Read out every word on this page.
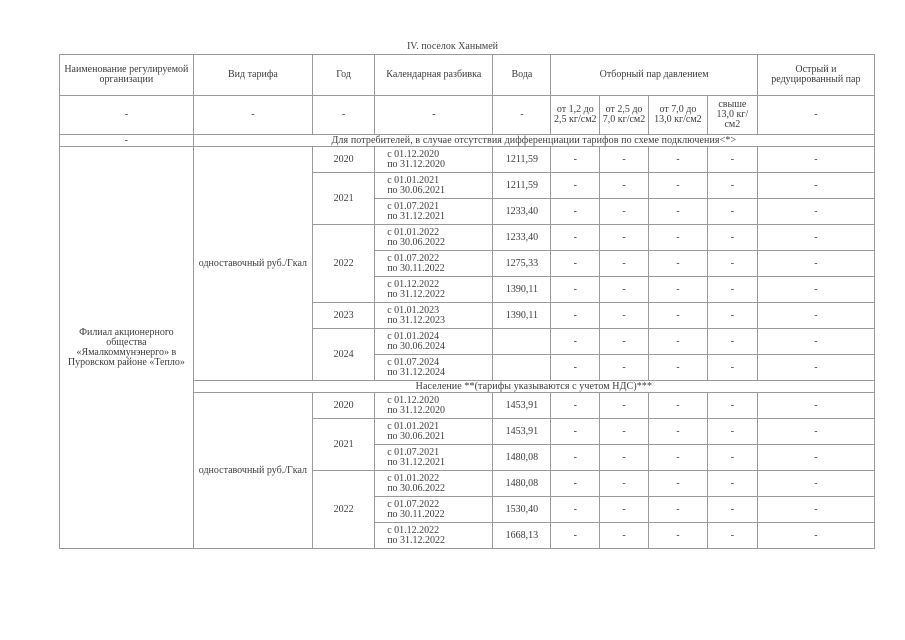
IV. поселок Ханымей
Наименование регулируемой организации	Вид тарифа	Год	Календарная разбивка	Вода	Отборный пар давлением				Острый и редуцированный пар
-	-	-	-	-	от 1,2 до 2,5 кг/см2	от 2,5 до 7,0 кг/см2	от 7,0 до 13,0 кг/см2	свыше 13,0 кг/см2	-
-	Для потребителей, в случае отсутствия дифференциации тарифов по схеме подключения<*>								
Филиал акционерного общества «Ямалкоммунэнерго» в Пуровском районе «Тепло»	одноставочный руб./Гкал	2020	с 01.12.2020
по 31.12.2020	1211,59	-	-	-	-	-
		2021	с 01.01.2021
по 30.06.2021	1211,59	-	-	-	-	-

			с 01.07.2021
по 31.12.2021	1233,40	-	-	-	-	-
		2022	с 01.01.2022
по 30.06.2022	1233,40	-	-	-	-	-

			с 01.07.2022
по 30.11.2022	1275,33	-	-	-	-	-

			с 01.12.2022
по 31.12.2022	1390,11	-	-	-	-	-
		2023	с 01.01.2023
по 31.12.2023	1390,11	-	-	-	-	-
		2024	с 01.01.2024
по 30.06.2024		-	-	-	-	-

			с 01.07.2024
по 31.12.2024		-	-	-	-	-
	Население **(тарифы указываются с учетом НДС)***								
	одноставочный руб./Гкал	2020	с 01.12.2020
по 31.12.2020	1453,91	-	-	-	-	-
		2021	с 01.01.2021
по 30.06.2021	1453,91	-	-	-	-	-

			с 01.07.2021
по 31.12.2021	1480,08	-	-	-	-	-
		2022	с 01.01.2022
по 30.06.2022	1480,08	-	-	-	-	-

			с 01.07.2022
по 30.11.2022	1530,40	-	-	-	-	-

			с 01.12.2022
по 31.12.2022	1668,13	-	-	-	-	-
